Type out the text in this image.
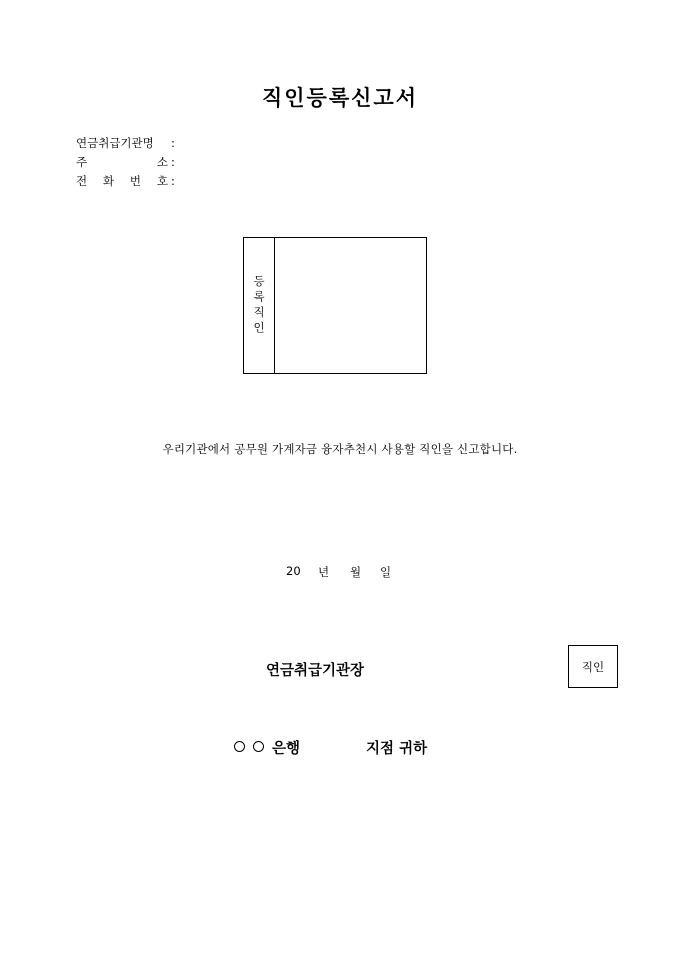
직인등록신고서
연금취급기관명	:
주 소 :
전 화 번 호 :
등록직인
우리기관에서 공무원 가계자금 융자추천시 사용할 직인을 신고합니다.
20	년	월	일
연금취급기관장	직인
은행	지점 귀하
